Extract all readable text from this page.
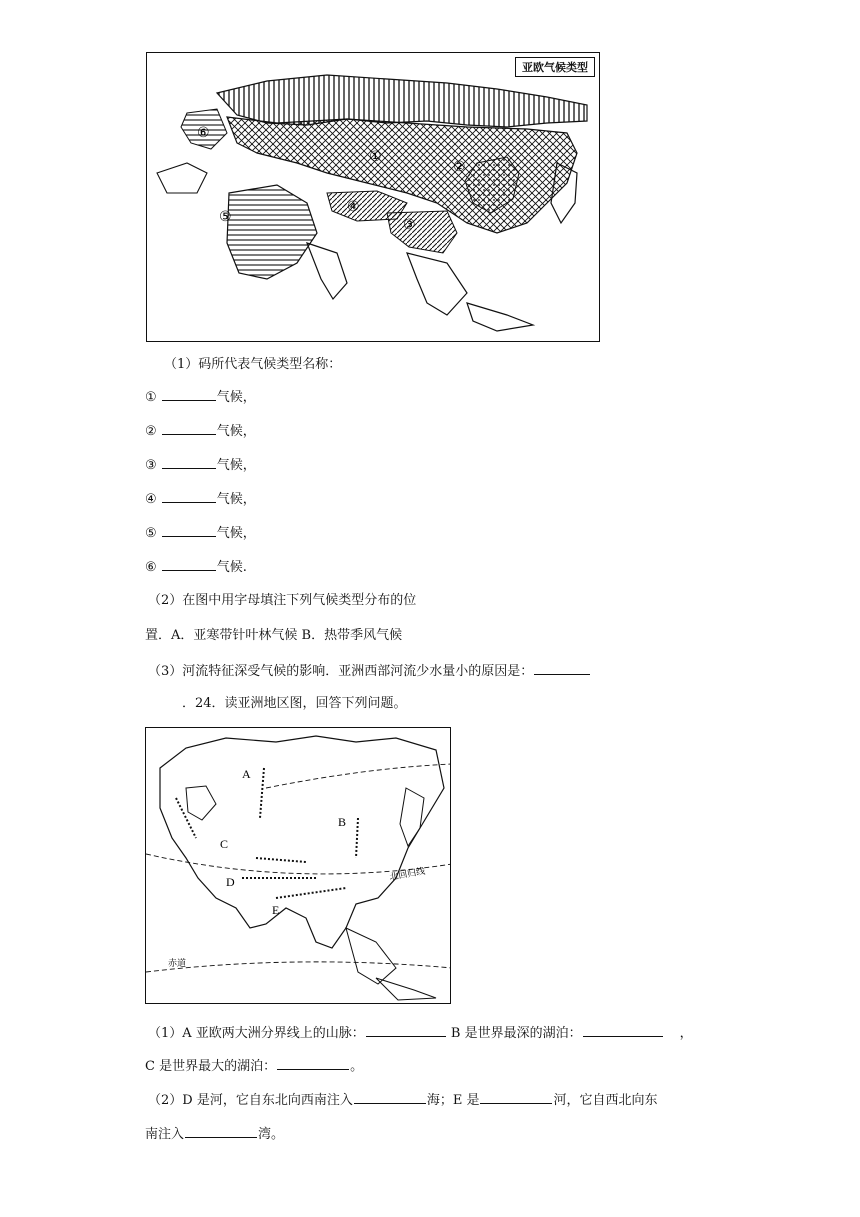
①
②
③
④
⑤
⑥
亚欧气候类型
（1）码所代表气候类型名称：
①	气候，
②	气候，
③	气候，
④	气候，
⑤	气候，
⑥	气候.
（2）在图中用字母填注下列气候类型分布的位
置．A．亚寒带针叶林气候 B．热带季风气候
（3）河流特征深受气候的影响．亚洲西部河流少水量小的原因是：
．24．读亚洲地区图，回答下列问题。
A
B
C
D
E
北回归线
赤道
（1）A 亚欧两大洲分界线上的山脉：	B 是世界最深的湖泊：	，
C 是世界最大的湖泊：	。
（2）D 是河，它自东北向西南注入	海；E 是	河，它自西北向东
南注入	湾。
